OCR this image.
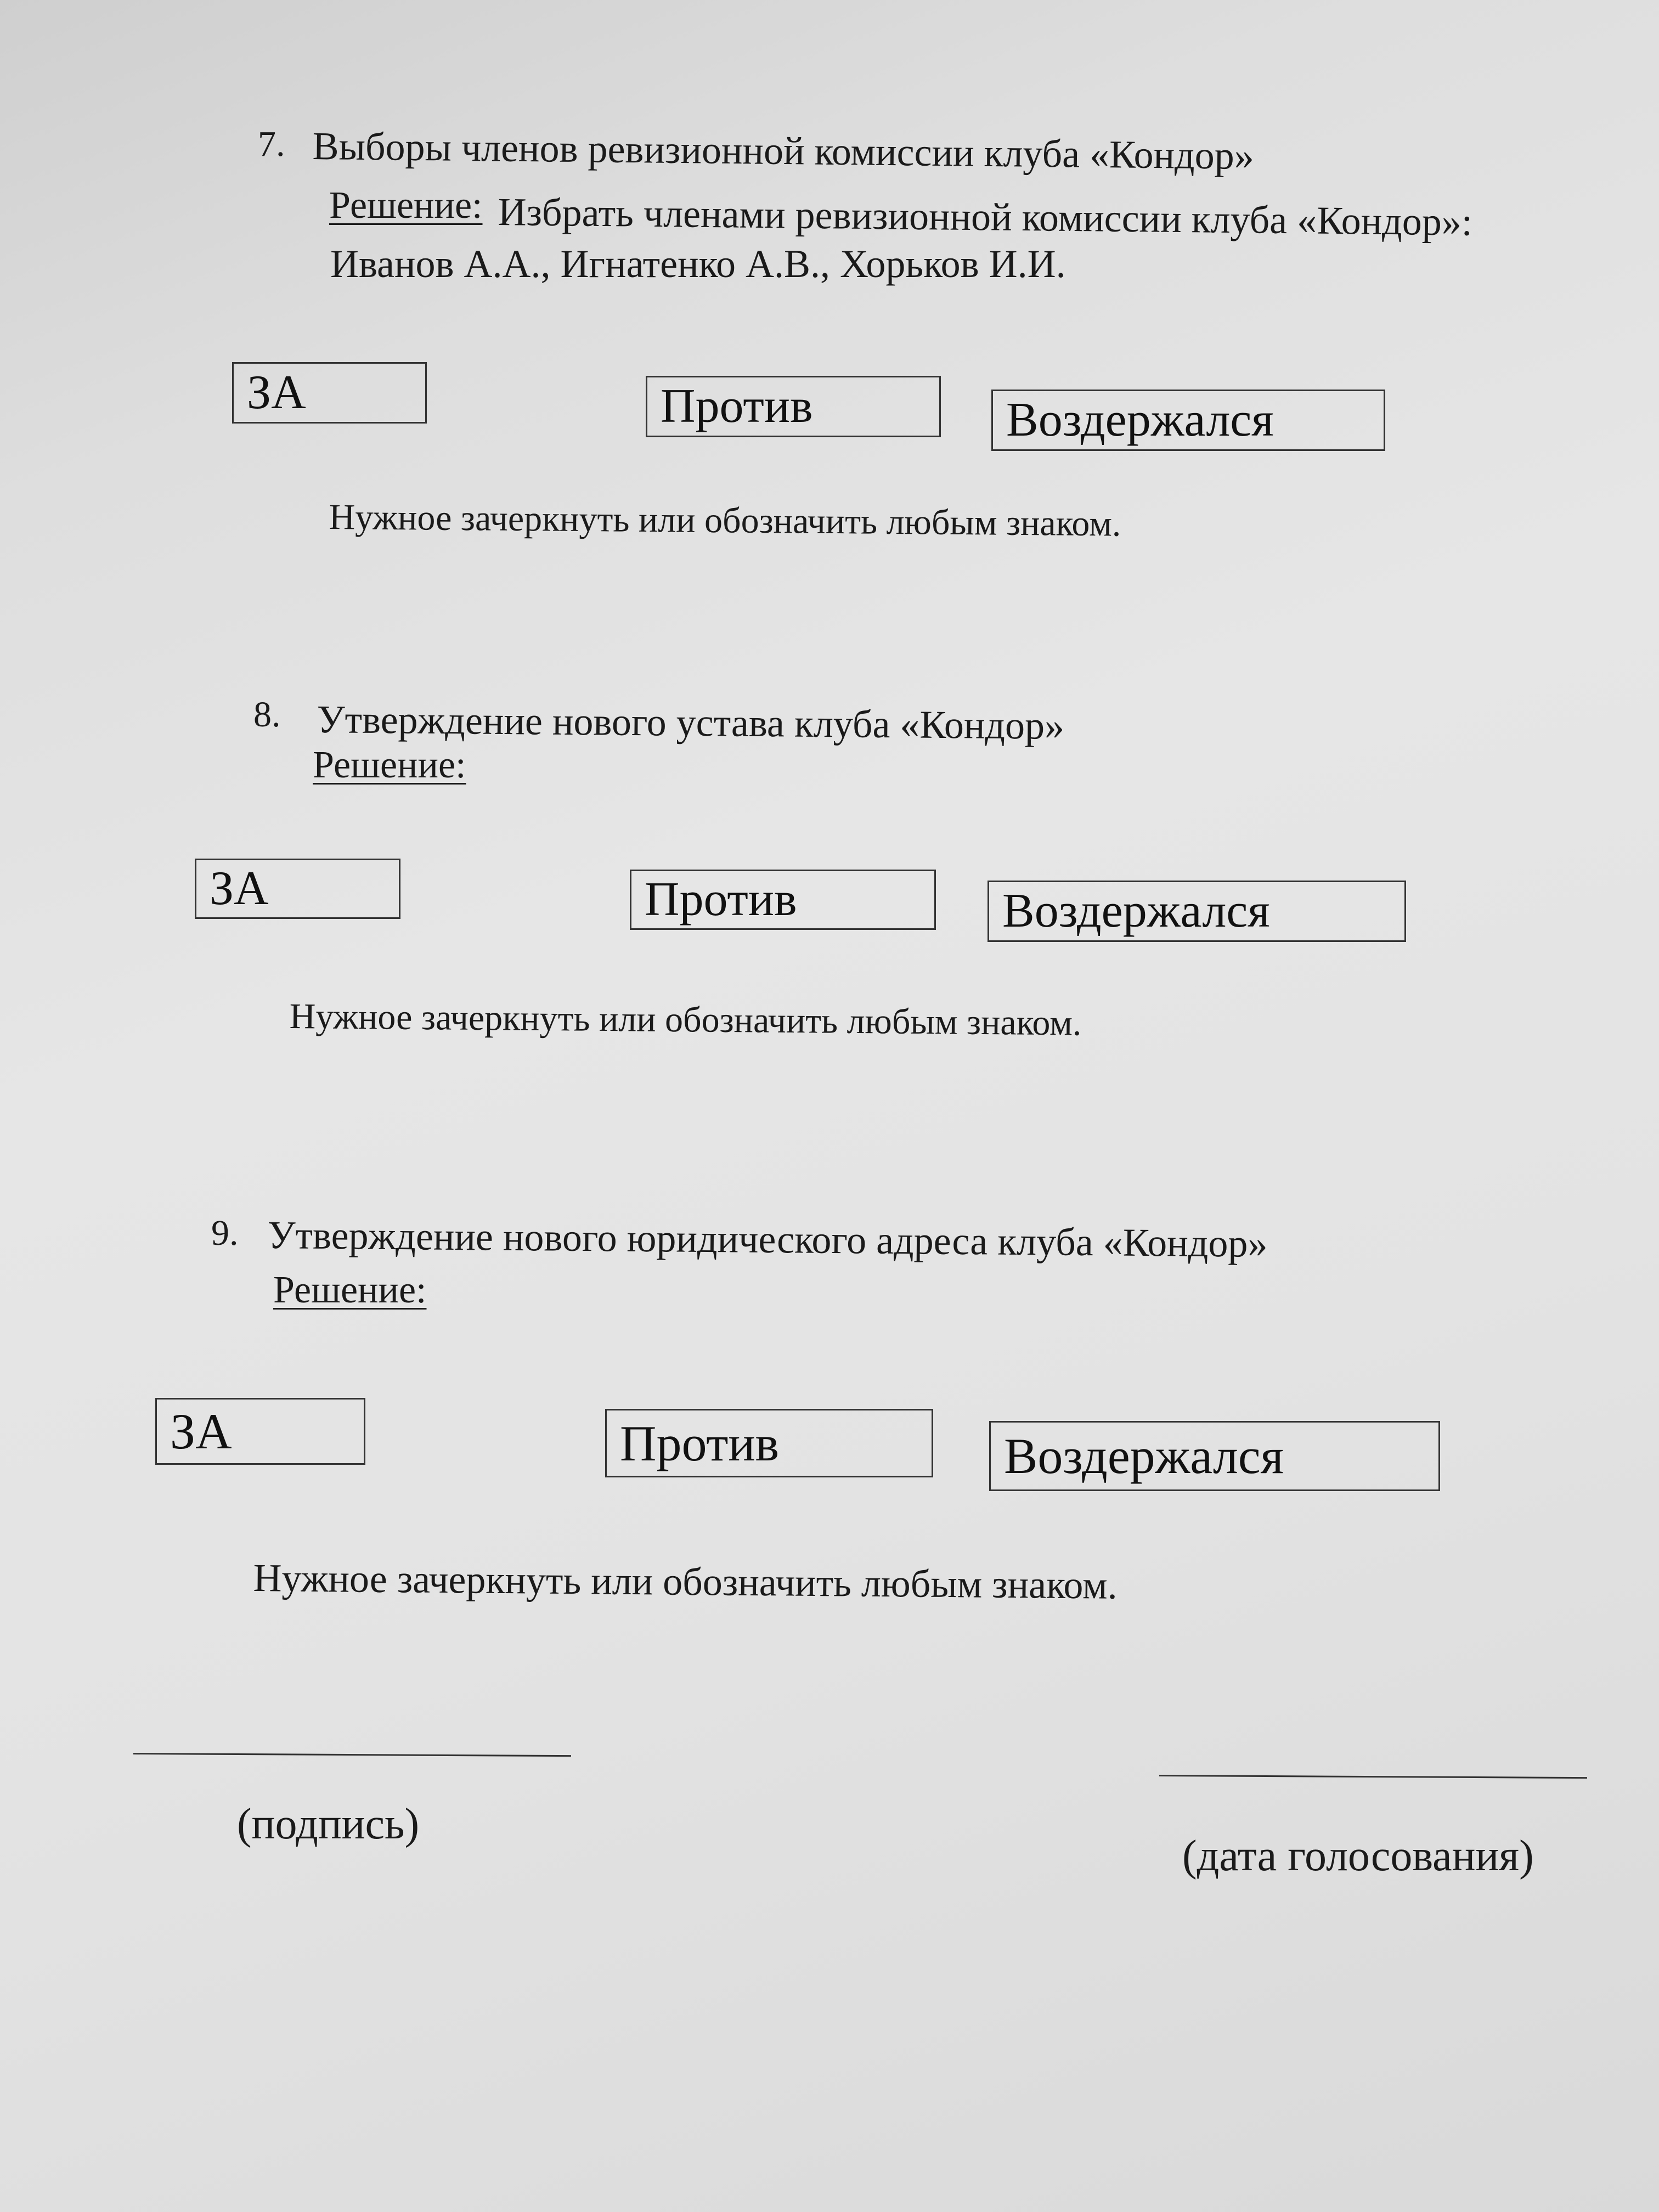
7. Выборы членов ревизионной комиссии клуба «Кондор»
Решение: Избрать членами ревизионной комиссии клуба «Кондор»:
Иванов А.А., Игнатенко А.В., Хорьков И.И.
ЗА	Против	Воздержался
Нужное зачеркнуть или обозначить любым знаком.
8. Утверждение нового устава клуба «Кондор»
Решение:
ЗА	Против	Воздержался
Нужное зачеркнуть или обозначить любым знаком.
9. Утверждение нового юридического адреса клуба «Кондор»
Решение:
ЗА	Против	Воздержался
Нужное зачеркнуть или обозначить любым знаком.
(подпись)
(дата голосования)
